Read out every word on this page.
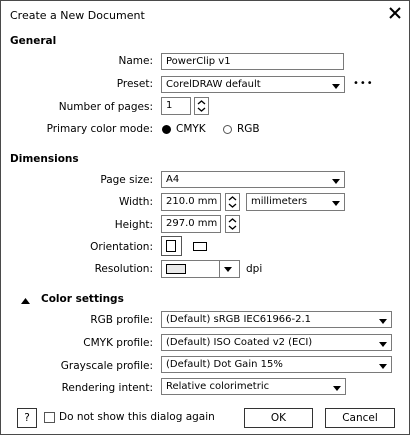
Create a New Document
General
Name:	PowerClip v1
Preset:	CorelDRAW default	•••
Number of pages:	1
Primary color mode: CMYK	RGB
Dimensions
Page size:	A4
Width:	210.0 mm	millimeters
Height:	297.0 mm
Orientation:
Resolution:	dpi
Color settings
RGB profile:	(Default) sRGB IEC61966-2.1
CMYK profile:	(Default) ISO Coated v2 (ECI)
Grayscale profile:	(Default) Dot Gain 15%
Rendering intent:	Relative colorimetric
?	Do not show this dialog again	OK	Cancel
